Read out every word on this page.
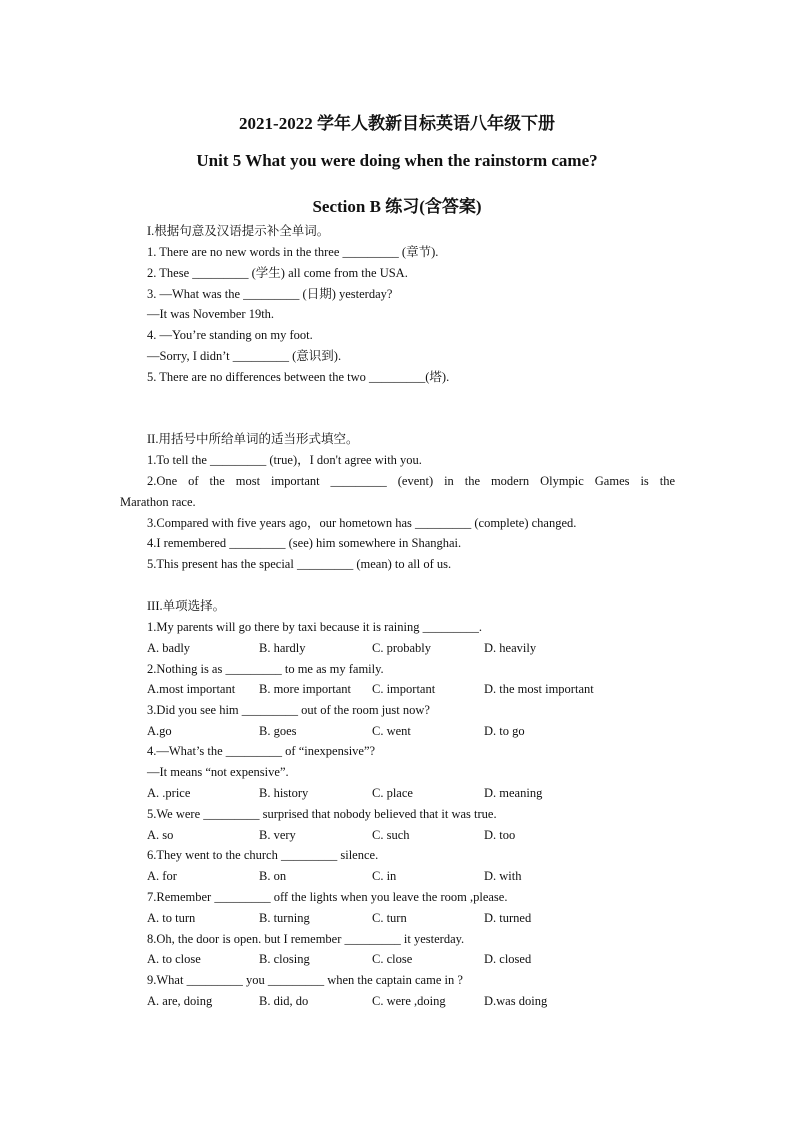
2021-2022 学年人教新目标英语八年级下册
Unit 5 What you were doing when the rainstorm came?
Section B 练习(含答案)
I.根据句意及汉语提示补全单词。
1. There are no new words in the three _________ (章节).
2. These _________ (学生) all come from the USA.
3. —What was the _________ (日期) yesterday?
—It was November 19th.
4. —You’re standing on my foot.
—Sorry, I didn’t _________ (意识到).
5. There are no differences between the two _________(塔).
II.用括号中所给单词的适当形式填空。
1.To tell the _________ (true)，I don't agree with you.
2.One of the most important _________ (event) in the modern Olympic Games is the
Marathon race.
3.Compared with five years ago，our hometown has _________ (complete) changed.
4.I remembered _________ (see) him somewhere in Shanghai.
5.This present has the special _________ (mean) to all of us.
III.单项选择。
1.My parents will go there by taxi because it is raining _________.
A. badly	B. hardly	C. probably	D. heavily
2.Nothing is as _________ to me as my family.
A.most important B. more important C. important	D. the most important
3.Did you see him _________ out of the room just now?
A.go	B. goes	C. went	D. to go
4.—What’s the _________ of “inexpensive”?
—It means “not expensive”.
A. .price	B. history	C. place	D. meaning
5.We were _________ surprised that nobody believed that it was true.
A. so	B. very	C. such	D. too
6.They went to the church _________ silence.
A. for	B. on	C. in	D. with
7.Remember _________ off the lights when you leave the room ,please.
A. to turn	B. turning	C. turn	D. turned
8.Oh, the door is open. but I remember _________ it yesterday.
A. to close	B. closing	C. close	D. closed
9.What _________ you _________ when the captain came in ?
A. are, doing	B. did, do	C. were ,doing	D.was doing
